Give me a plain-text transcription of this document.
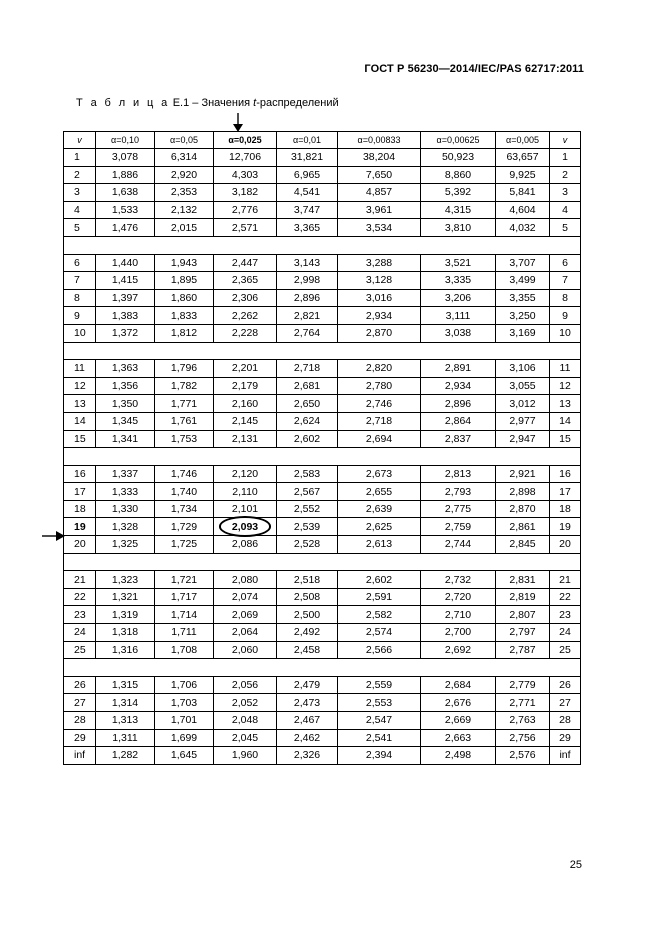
ГОСТ Р 56230—2014/IEC/PAS 62717:2011
Т а б л и ц а Е.1 – Значения t-распределений
v	α=0,10	α=0,05	α=0,025	α=0,01	α=0,00833	α=0,00625	α=0,005	v
1	3,078	6,314	12,706	31,821	38,204	50,923	63,657	1
2	1,886	2,920	4,303	6,965	7,650	8,860	9,925	2
3	1,638	2,353	3,182	4,541	4,857	5,392	5,841	3
4	1,533	2,132	2,776	3,747	3,961	4,315	4,604	4
5	1,476	2,015	2,571	3,365	3,534	3,810	4,032	5

6	1,440	1,943	2,447	3,143	3,288	3,521	3,707	6
7	1,415	1,895	2,365	2,998	3,128	3,335	3,499	7
8	1,397	1,860	2,306	2,896	3,016	3,206	3,355	8
9	1,383	1,833	2,262	2,821	2,934	3,111	3,250	9
10	1,372	1,812	2,228	2,764	2,870	3,038	3,169	10

11	1,363	1,796	2,201	2,718	2,820	2,891	3,106	11
12	1,356	1,782	2,179	2,681	2,780	2,934	3,055	12
13	1,350	1,771	2,160	2,650	2,746	2,896	3,012	13
14	1,345	1,761	2,145	2,624	2,718	2,864	2,977	14
15	1,341	1,753	2,131	2,602	2,694	2,837	2,947	15

16	1,337	1,746	2,120	2,583	2,673	2,813	2,921	16
17	1,333	1,740	2,110	2,567	2,655	2,793	2,898	17
18	1,330	1,734	2,101	2,552	2,639	2,775	2,870	18
19	1,328	1,729	2,093	2,539	2,625	2,759	2,861	19
20	1,325	1,725	2,086	2,528	2,613	2,744	2,845	20

21	1,323	1,721	2,080	2,518	2,602	2,732	2,831	21
22	1,321	1,717	2,074	2,508	2,591	2,720	2,819	22
23	1,319	1,714	2,069	2,500	2,582	2,710	2,807	23
24	1,318	1,711	2,064	2,492	2,574	2,700	2,797	24
25	1,316	1,708	2,060	2,458	2,566	2,692	2,787	25

26	1,315	1,706	2,056	2,479	2,559	2,684	2,779	26
27	1,314	1,703	2,052	2,473	2,553	2,676	2,771	27
28	1,313	1,701	2,048	2,467	2,547	2,669	2,763	28
29	1,311	1,699	2,045	2,462	2,541	2,663	2,756	29
inf	1,282	1,645	1,960	2,326	2,394	2,498	2,576	inf
25
